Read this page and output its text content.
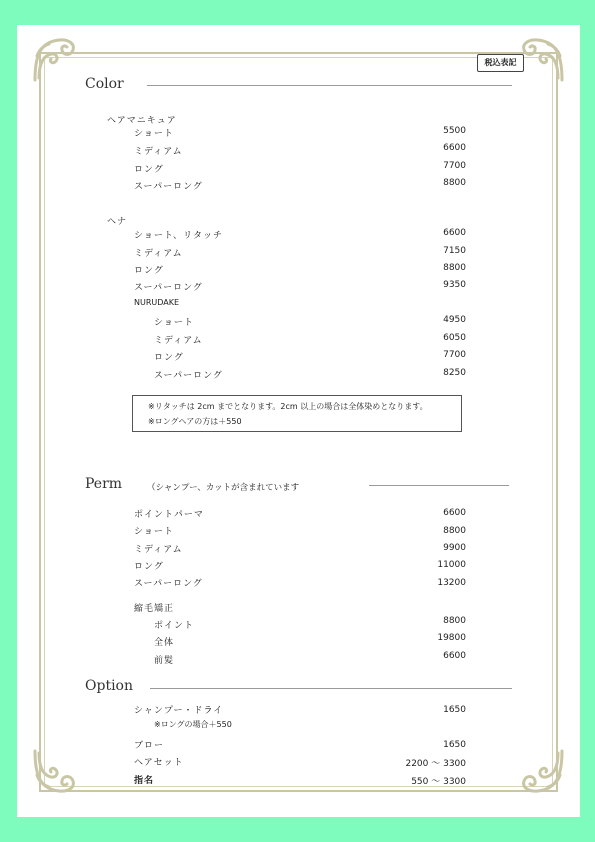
税込表記
Color
ヘアマニキュア
ショート	5500
ミディアム	6600
ロング	7700
スーパーロング	8800
ヘナ
ショート、リタッチ	6600
ミディアム	7150
ロング	8800
スーパーロング	9350
NURUDAKE
ショート	4950
ミディアム	6050
ロング	7700
スーパーロング	8250
※リタッチは 2cm までとなります。2cm 以上の場合は全体染めとなります。
※ロングヘアの方は＋550
Perm	（シャンプー、カットが含まれています
ポイントパーマ	6600
ショート	8800
ミディアム	9900
ロング	11000
スーパーロング	13200
縮毛矯正
ポイント	8800
全体	19800
前髪	6600
Option
シャンプー・ドライ	1650
※ロングの場合＋550
ブロー	1650
ヘアセット	2200 ～ 3300
指名	550 ～ 3300
Hair Salon olio
